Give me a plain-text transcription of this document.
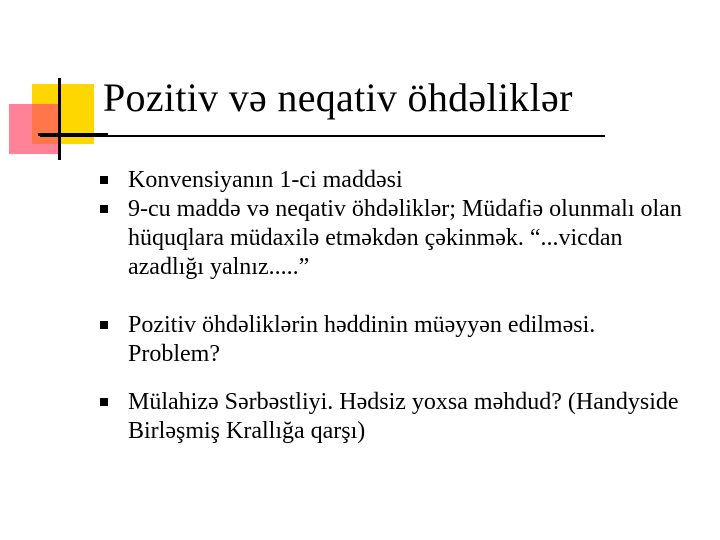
Pozitiv və neqativ öhdəliklər
Konvensiyanın 1-ci maddəsi
9-cu maddə və neqativ öhdəliklər; Müdafiə olunmalı olan hüquqlara müdaxilə etməkdən çəkinmək. “...vicdan azadlığı yalnız.....”
Pozitiv öhdəliklərin həddinin müəyyən edilməsi. Problem?
Mülahizə Sərbəstliyi. Hədsiz yoxsa məhdud? (Handyside Birləşmiş Krallığa qarşı)
